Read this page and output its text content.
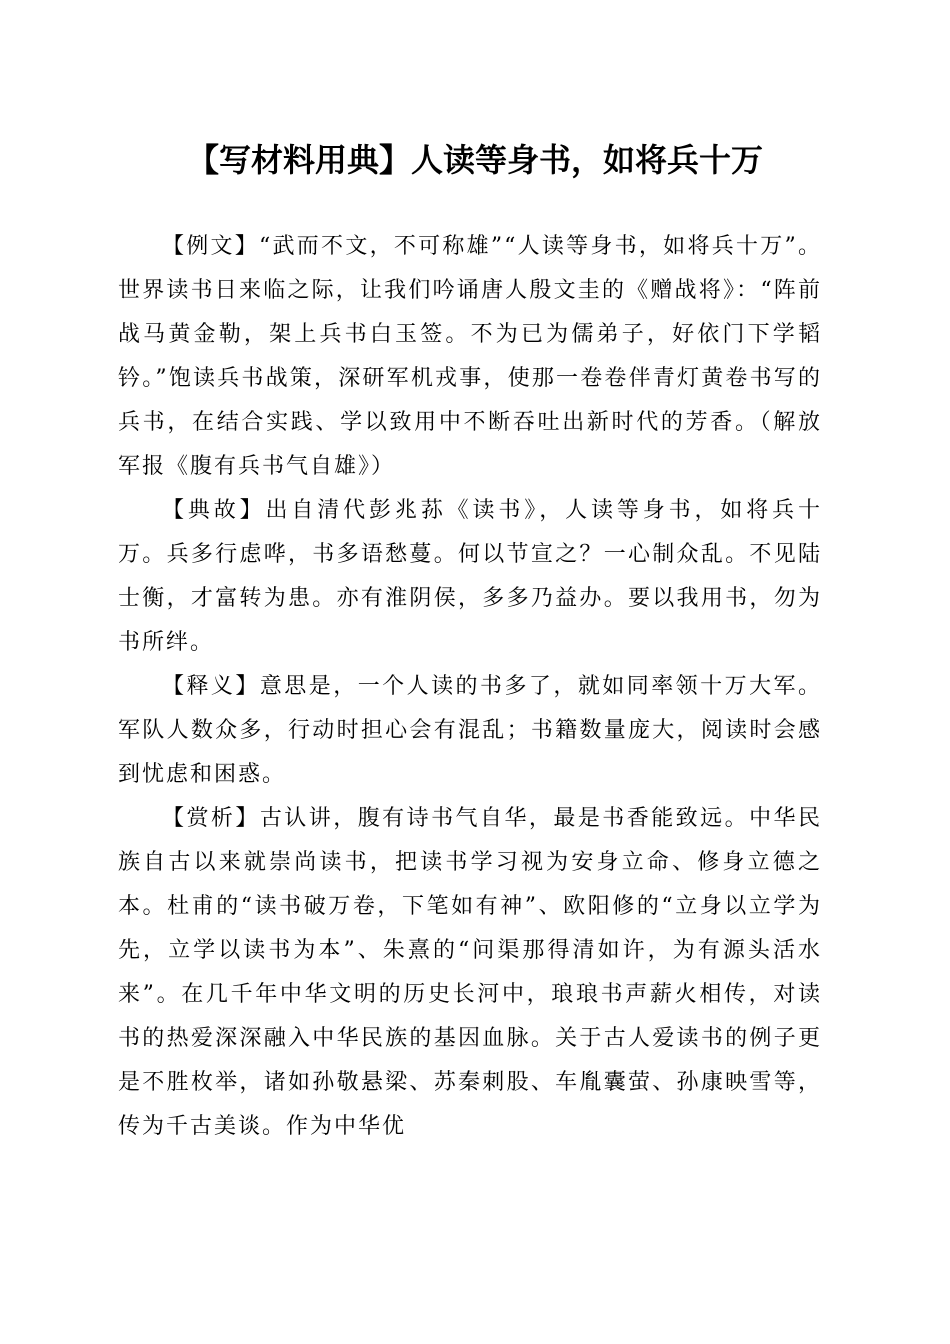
【写材料用典】人读等身书，如将兵十万

【例文】“武而不文，不可称雄”“人读等身书，如将兵十万”。世界读书日来临之际，让我们吟诵唐人殷文圭的《赠战将》：“阵前战马黄金勒，架上兵书白玉签。不为已为儒弟子，好依门下学韬钤。”饱读兵书战策，深研军机戎事，使那一卷卷伴青灯黄卷书写的兵书，在结合实践、学以致用中不断吞吐出新时代的芳香。（解放军报《腹有兵书气自雄》）

【典故】出自清代彭兆荪《读书》，人读等身书，如将兵十万。兵多行虑哗，书多语愁蔓。何以节宣之？一心制众乱。不见陆士衡，才富转为患。亦有淮阴侯，多多乃益办。要以我用书，勿为书所绊。

【释义】意思是，一个人读的书多了，就如同率领十万大军。军队人数众多，行动时担心会有混乱；书籍数量庞大，阅读时会感到忧虑和困惑。

【赏析】古认讲，腹有诗书气自华，最是书香能致远。中华民族自古以来就崇尚读书，把读书学习视为安身立命、修身立德之本。杜甫的“读书破万卷，下笔如有神”、欧阳修的“立身以立学为先，立学以读书为本”、朱熹的“问渠那得清如许，为有源头活水来”。在几千年中华文明的历史长河中，琅琅书声薪火相传，对读书的热爱深深融入中华民族的基因血脉。关于古人爱读书的例子更是不胜枚举，诸如孙敬悬梁、苏秦刺股、车胤囊萤、孙康映雪等，传为千古美谈。作为中华优
